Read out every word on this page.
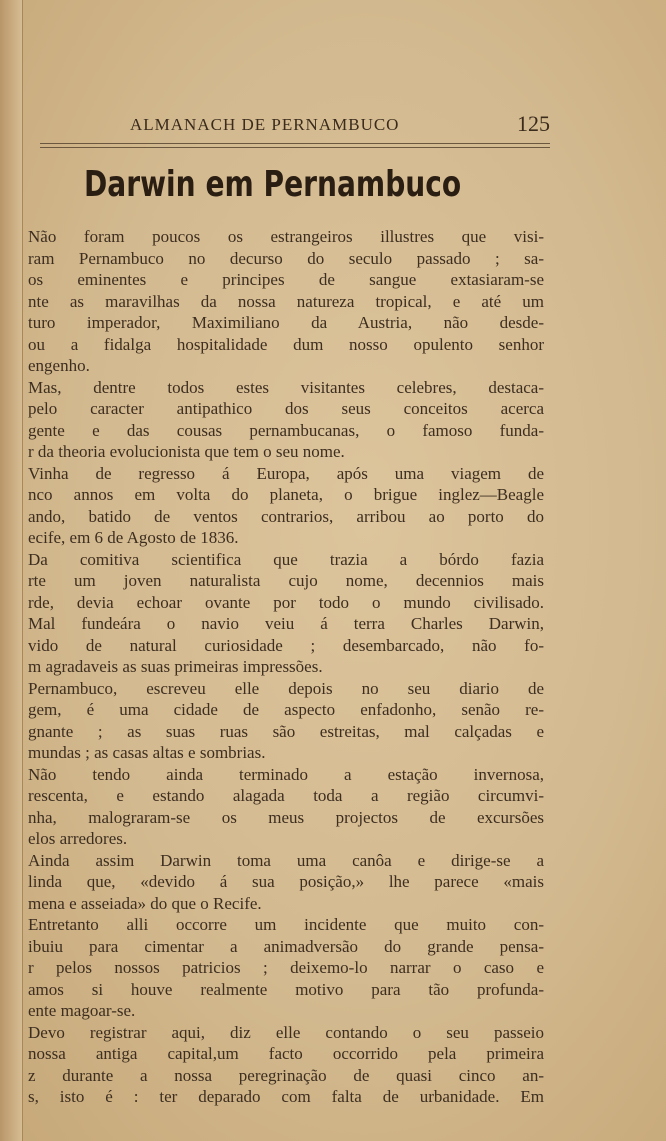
ALMANACH DE PERNAMBUCO	125
Darwin em Pernambuco
Não foram poucos os estrangeiros illustres que visi-
ram Pernambuco no decurso do seculo passado ; sa-
os eminentes e principes de sangue extasiaram-se
nte as maravilhas da nossa natureza tropical, e até um
turo imperador, Maximiliano da Austria, não desde-
ou a fidalga hospitalidade dum nosso opulento senhor
engenho.
Mas, dentre todos estes visitantes celebres, destaca-
pelo caracter antipathico dos seus conceitos acerca
gente e das cousas pernambucanas, o famoso funda-
r da theoria evolucionista que tem o seu nome.
Vinha de regresso á Europa, após uma viagem de
nco annos em volta do planeta, o brigue inglez—Beagle
ando, batido de ventos contrarios, arribou ao porto do
ecife, em 6 de Agosto de 1836.
Da comitiva scientifica que trazia a bórdo fazia
rte um joven naturalista cujo nome, decennios mais
rde, devia echoar ovante por todo o mundo civilisado.
Mal fundeára o navio veiu á terra Charles Darwin,
vido de natural curiosidade ; desembarcado, não fo-
m agradaveis as suas primeiras impressões.
Pernambuco, escreveu elle depois no seu diario de
gem, é uma cidade de aspecto enfadonho, senão re-
gnante ; as suas ruas são estreitas, mal calçadas e
mundas ; as casas altas e sombrias.
Não tendo ainda terminado a estação invernosa,
rescenta, e estando alagada toda a região circumvi-
nha, malograram-se os meus projectos de excursões
elos arredores.
Ainda assim Darwin toma uma canôa e dirige-se a
linda que, «devido á sua posição,» lhe parece «mais
mena e asseiada» do que o Recife.
Entretanto alli occorre um incidente que muito con-
ibuiu para cimentar a animadversão do grande pensa-
r pelos nossos patricios ; deixemo-lo narrar o caso e
amos si houve realmente motivo para tão profunda-
ente magoar-se.
Devo registrar aqui, diz elle contando o seu passeio
nossa antiga capital,um facto occorrido pela primeira
z durante a nossa peregrinação de quasi cinco an-
s, isto é : ter deparado com falta de urbanidade. Em
